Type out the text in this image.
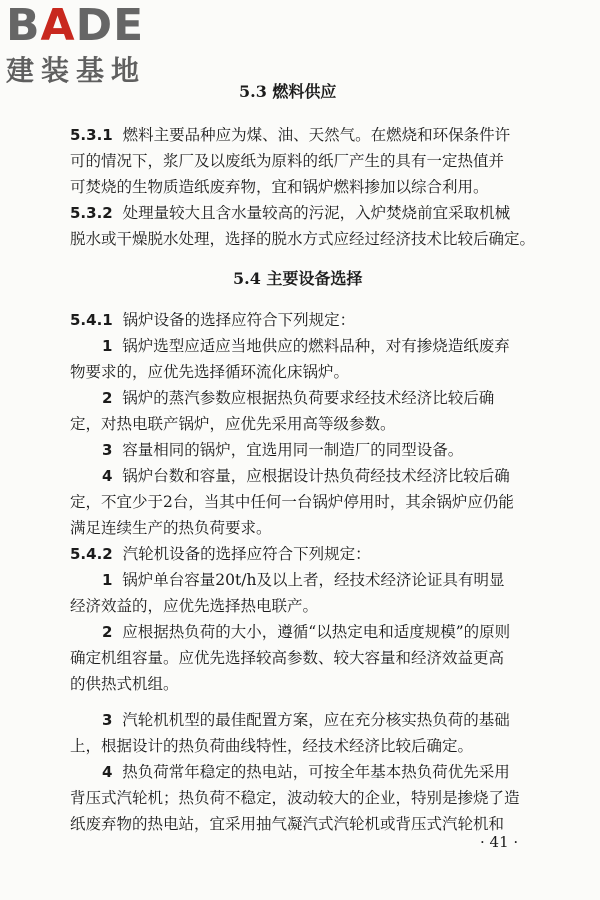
BADE
建装基地
5.3 燃料供应
5.3.1 燃料主要品种应为煤、油、天然气。在燃烧和环保条件许
可的情况下，浆厂及以废纸为原料的纸厂产生的具有一定热值并
可焚烧的生物质造纸废弃物，宜和锅炉燃料掺加以综合利用。
5.3.2 处理量较大且含水量较高的污泥，入炉焚烧前宜采取机械
脱水或干燥脱水处理，选择的脱水方式应经过经济技术比较后确定。
5.4 主要设备选择
5.4.1 锅炉设备的选择应符合下列规定：
1 锅炉选型应适应当地供应的燃料品种，对有掺烧造纸废弃
物要求的，应优先选择循环流化床锅炉。
2 锅炉的蒸汽参数应根据热负荷要求经技术经济比较后确
定，对热电联产锅炉，应优先采用高等级参数。
3 容量相同的锅炉，宜选用同一制造厂的同型设备。
4 锅炉台数和容量，应根据设计热负荷经技术经济比较后确
定，不宜少于2台，当其中任何一台锅炉停用时，其余锅炉应仍能
满足连续生产的热负荷要求。
5.4.2 汽轮机设备的选择应符合下列规定：
1 锅炉单台容量20t/h及以上者，经技术经济论证具有明显
经济效益的，应优先选择热电联产。
2 应根据热负荷的大小，遵循“以热定电和适度规模”的原则
确定机组容量。应优先选择较高参数、较大容量和经济效益更高
的供热式机组。
3 汽轮机机型的最佳配置方案，应在充分核实热负荷的基础
上，根据设计的热负荷曲线特性，经技术经济比较后确定。
4 热负荷常年稳定的热电站，可按全年基本热负荷优先采用
背压式汽轮机；热负荷不稳定，波动较大的企业，特别是掺烧了造
纸废弃物的热电站，宜采用抽气凝汽式汽轮机或背压式汽轮机和
· 41 ·
